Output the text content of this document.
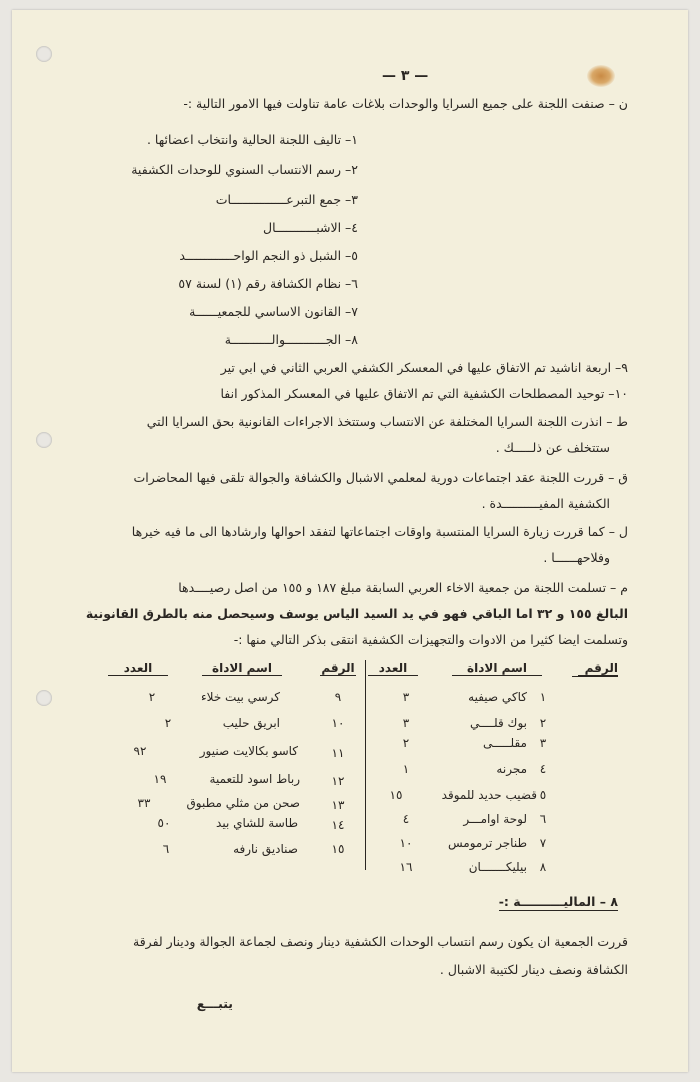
— ٣ —
ن – صنفت اللجنة على جميع السرايا والوحدات بلاغات عامة تناولت فيها الامور التالية :-
١– تاليف اللجنة الحالية وانتخاب اعضائها .
٢– رسم الانتساب السنوي للوحدات الكشفية
٣– جمع التبرعـــــــــــــــات
٤– الاشبـــــــــــال
٥– الشبل ذو النجم الواحـــــــــــــد
٦– نظام الكشافة رقم (١) لسنة ٥٧
٧– القانون الاساسي للجمعيــــــة
٨– الجـــــــــــوالـــــــــــة
٩– اربعة اناشيد تم الاتفاق عليها في المعسكر الكشفي العربي الثاني في ابي تير
١٠– توحيد المصطلحات الكشفية التي تم الاتفاق عليها في المعسكر المذكور انفا
ط – انذرت اللجنة السرايا المختلفة عن الانتساب وستتخذ الاجراءات القانونية بحق السرايا التي
ستتخلف عن ذلـــــك .
ق – قررت اللجنة عقد اجتماعات دورية لمعلمي الاشبال والكشافة والجوالة تلقى فيها المحاضرات
الكشفية المفيــــــــــدة .
ل – كما قررت زيارة السرايا المنتسبة واوقات اجتماعاتها لتفقد احوالها وارشادها الى ما فيه خيرها
وفلاحهــــــا .
م – تسلمت اللجنة من جمعية الاخاء العربي السابقة مبلغ ١٨٧ و ١٥٥ من اصل رصيــــدها
البالغ ١٥٥ و ٣٢ اما الباقي فهو في يد السيد الياس يوسف وسيحصل منه بالطرق القانونية
وتسلمت ايضا كثيرا من الادوات والتجهيزات الكشفية انتقى بذكر التالي منها :-
الرقم
اسم الاداة
العدد
١
كاكي صيفيه
٣
٢
بوك قلــــي
٣
٣
مقلـــــى
٢
٤
مجرنه
١
٥
قضيب حديد للموقد
١٥
٦
لوحة اوامـــر
٤
٧
طناجر ترمومس
١٠
٨
بيليكـــــــان
١٦
الرقم
اسم الاداة
العدد
٩
كرسي بيت خلاء
٢
١٠
ابريق حليب
٢
١١
كاسو بكالايت صنيور
٩٢
١٢
رباط اسود للتعمية
١٩
١٣
صحن من مثلي مطبوق
٣٣
١٤
طاسة للشاي بيد
٥٠
١٥
صناديق نارفه
٦
٨ – الماليــــــــــة :-
قررت الجمعية ان يكون رسم انتساب الوحدات الكشفية دينار ونصف لجماعة الجوالة ودينار لفرقة
الكشافة ونصف دينار لكتيبة الاشبال .
يتبـــع
